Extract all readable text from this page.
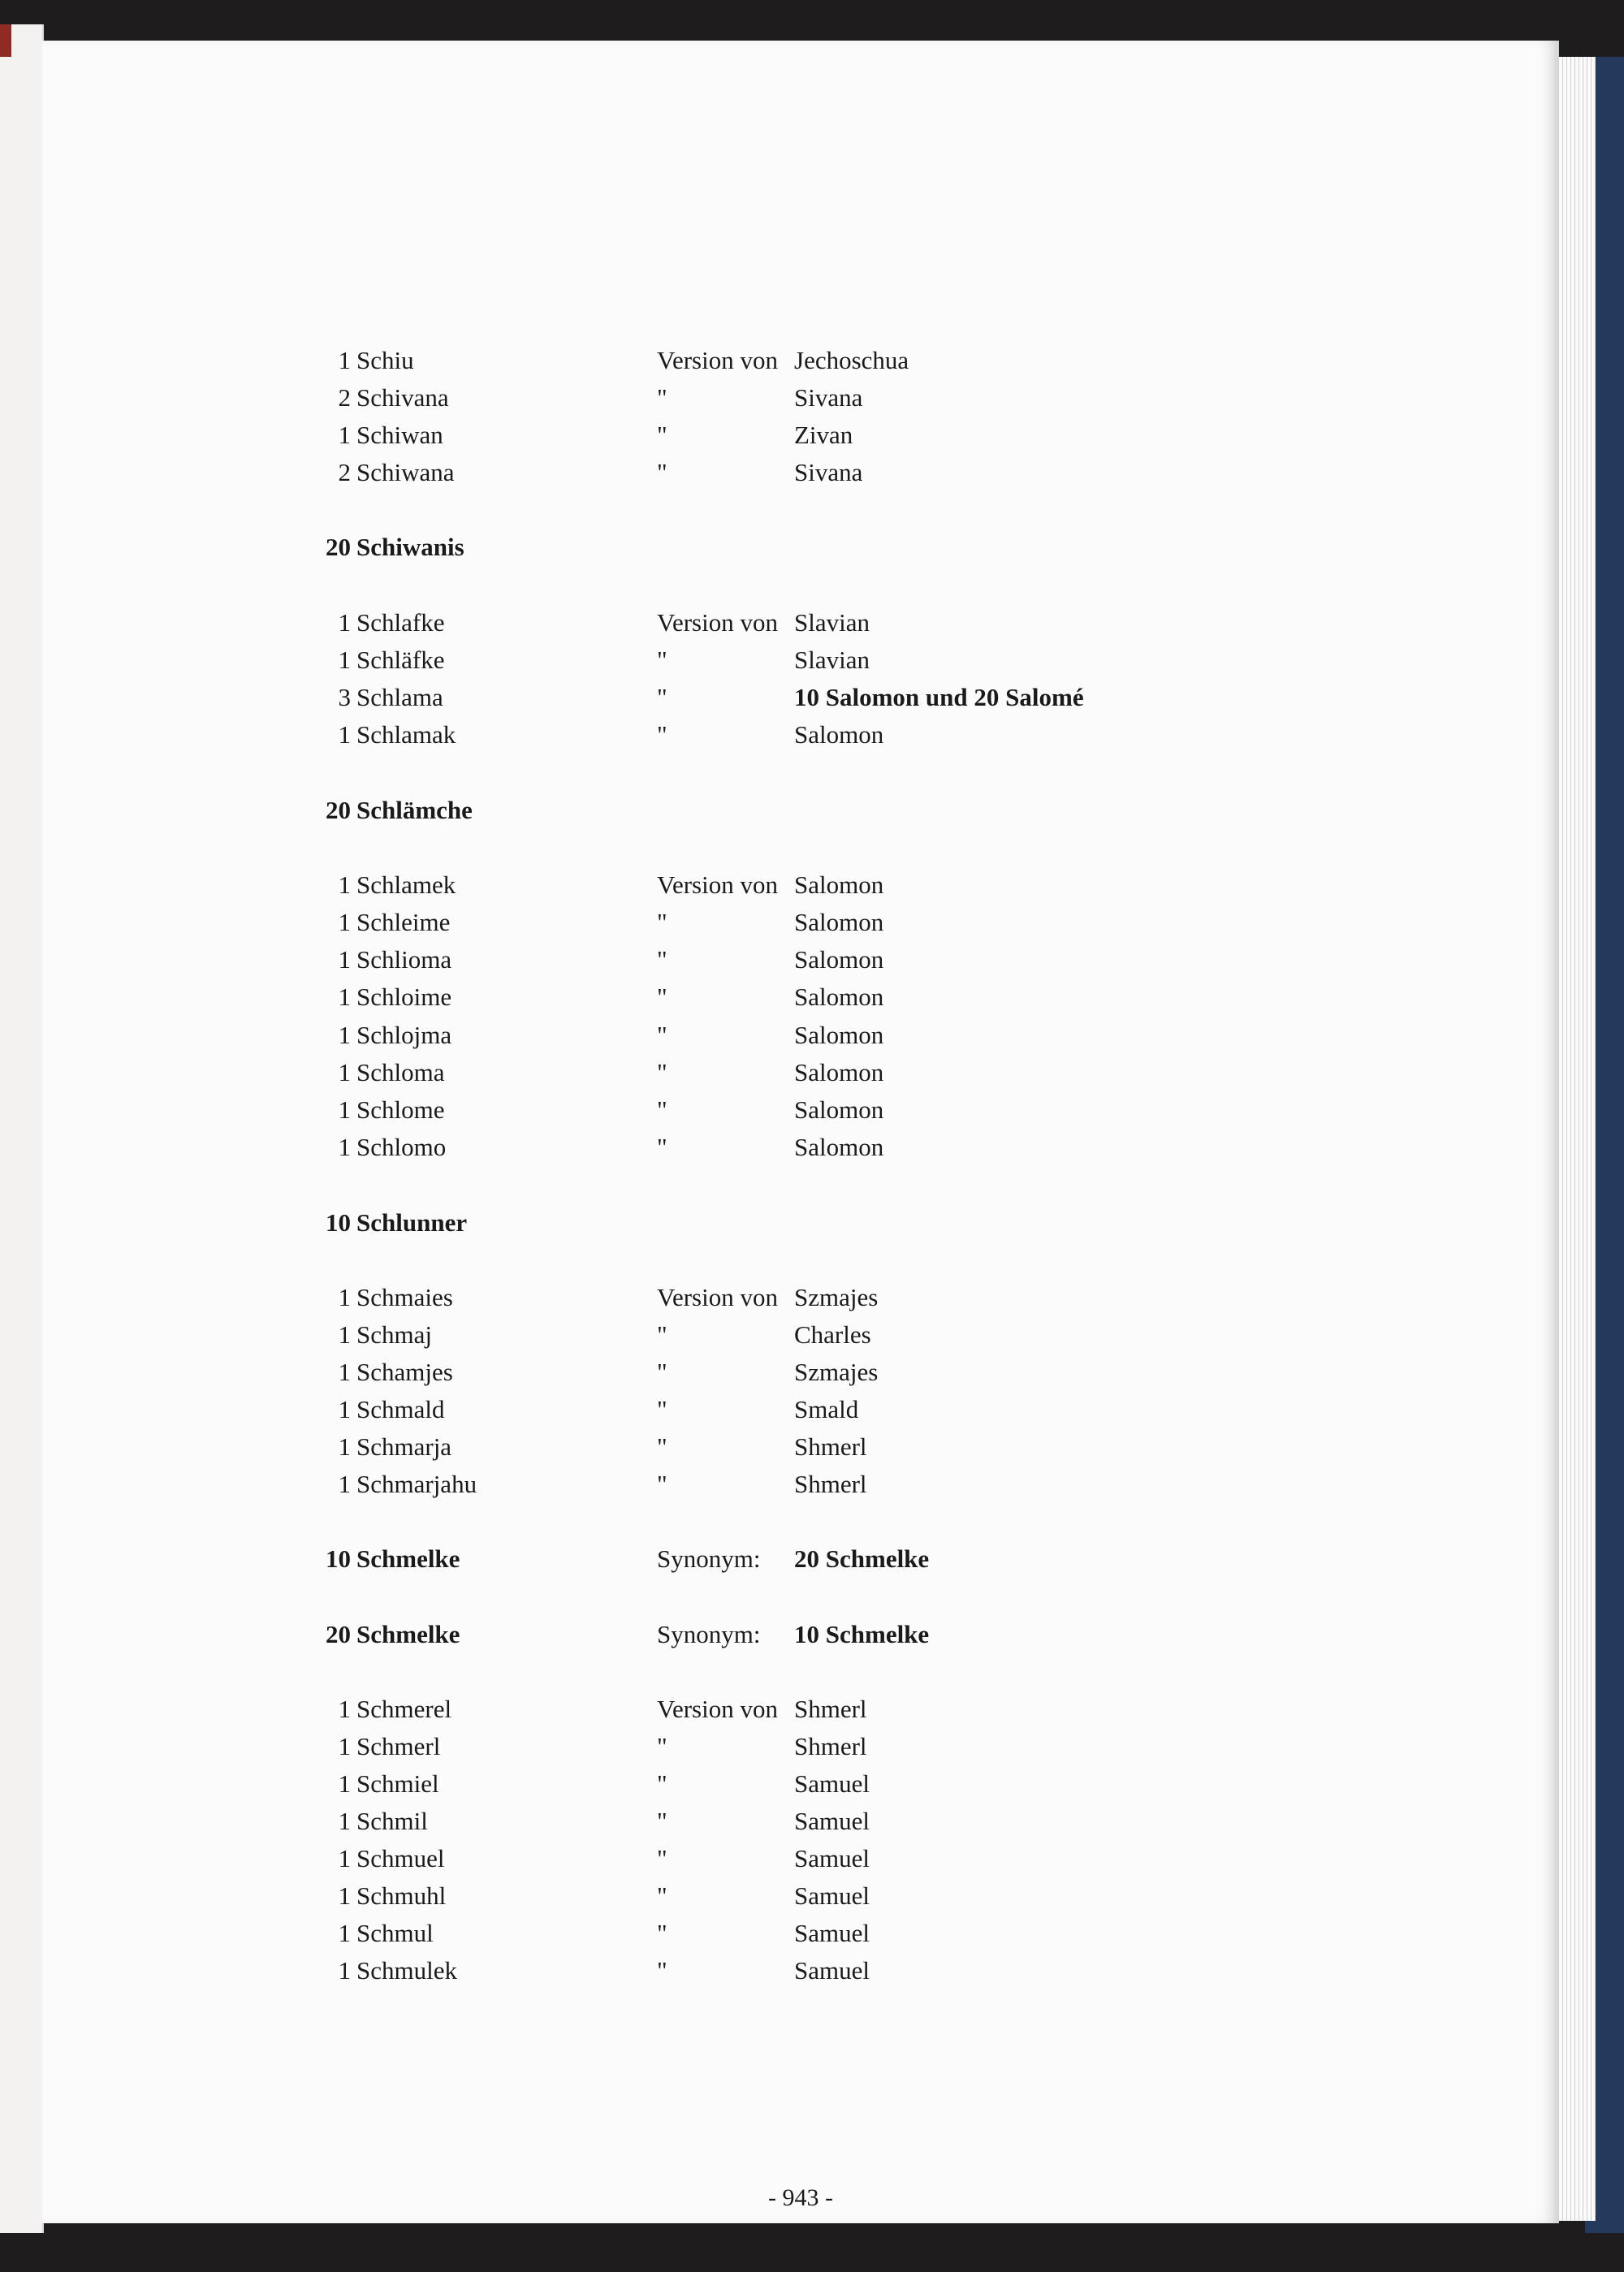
1 Schiu	Version von Jechoschua
2 Schivana	"	Sivana
1 Schiwan	"	Zivan
2 Schiwana	"	Sivana
20 Schiwanis
1 Schlafke	Version von Slavian
1 Schläfke	"	Slavian
3 Schlama	"	10 Salomon und 20 Salomé
1 Schlamak	"	Salomon
20 Schlämche
1 Schlamek	Version von Salomon
1 Schleime	"	Salomon
1 Schlioma	"	Salomon
1 Schloime	"	Salomon
1 Schlojma	"	Salomon
1 Schloma	"	Salomon
1 Schlome	"	Salomon
1 Schlomo	"	Salomon
10 Schlunner
1 Schmaies	Version von Szmajes
1 Schmaj	"	Charles
1 Schamjes	"	Szmajes
1 Schmald	"	Smald
1 Schmarja	"	Shmerl
1 Schmarjahu	"	Shmerl
10 Schmelke	Synonym: 20 Schmelke
20 Schmelke	Synonym: 10 Schmelke
1 Schmerel	Version von Shmerl
1 Schmerl	"	Shmerl
1 Schmiel	"	Samuel
1 Schmil	"	Samuel
1 Schmuel	"	Samuel
1 Schmuhl	"	Samuel
1 Schmul	"	Samuel
1 Schmulek	"	Samuel
- 943 -
